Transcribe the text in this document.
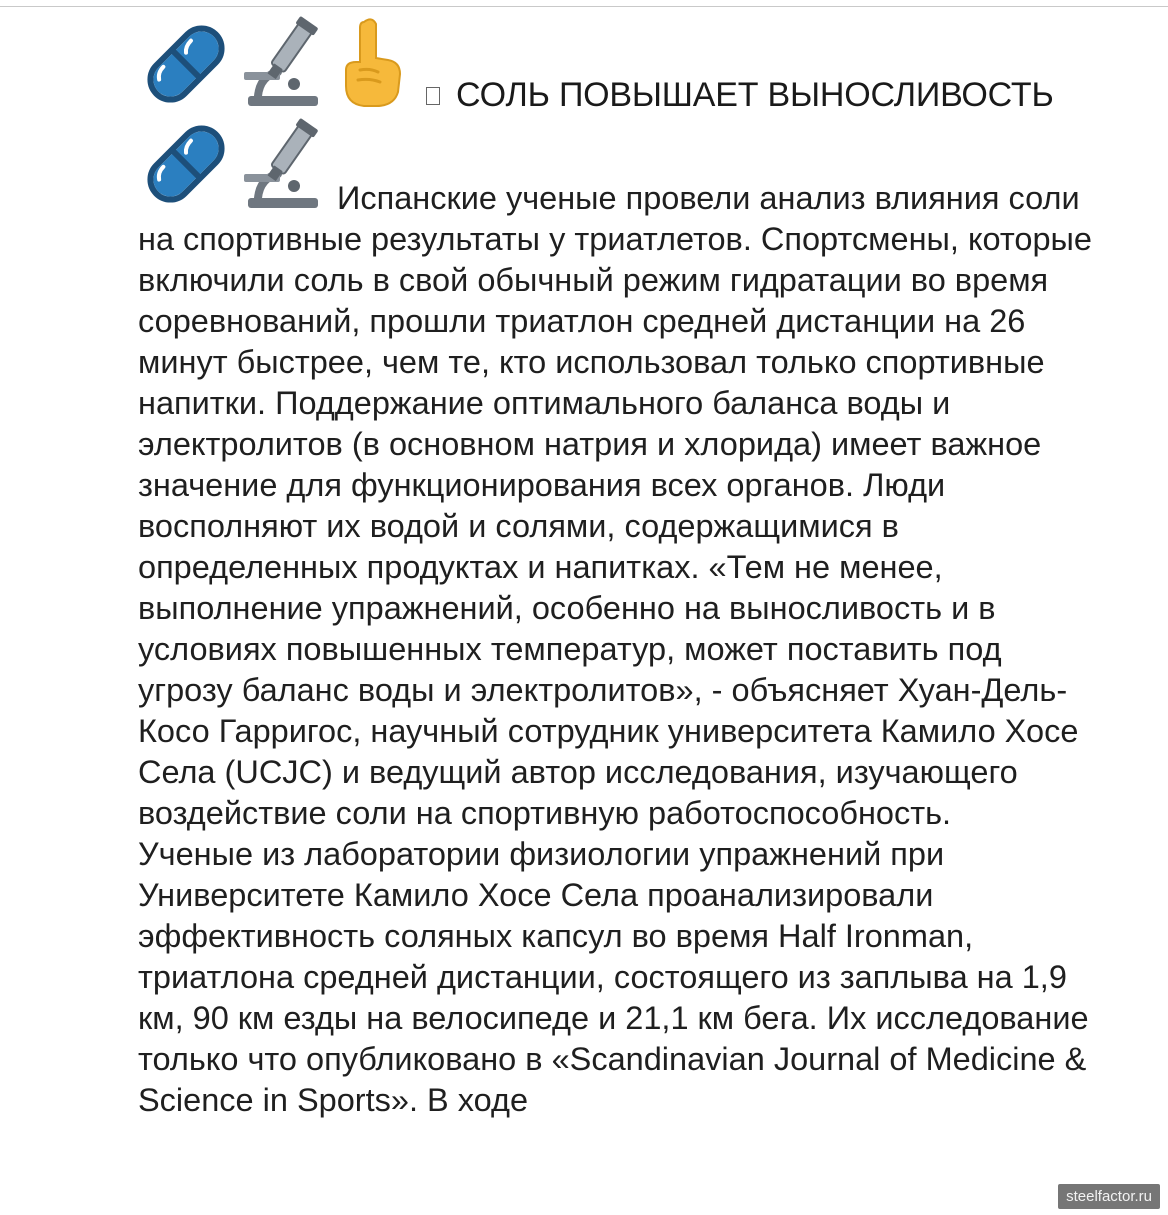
СОЛЬ ПОВЫШАЕТ ВЫНОСЛИВОСТЬ

Испанские ученые провели анализ влияния соли на спортивные результаты у триатлетов. Спортсмены, которые включили соль в свой обычный режим гидратации во время соревнований, прошли триатлон средней дистанции на 26 минут быстрее, чем те, кто использовал только спортивные напитки. Поддержание оптимального баланса воды и электролитов (в основном натрия и хлорида) имеет важное значение для функционирования всех органов. Люди восполняют их водой и солями, содержащимися в определенных продуктах и напитках. «Тем не менее, выполнение упражнений, особенно на выносливость и в условиях повышенных температур, может поставить под угрозу баланс воды и электролитов», - объясняет Хуан-Дель-Косо Гарригос, научный сотрудник университета Камило Хосе Села (UCJC) и ведущий автор исследования, изучающего воздействие соли на спортивную работоспособность.

Ученые из лаборатории физиологии упражнений при Университете Камило Хосе Села проанализировали эффективность соляных капсул во время Half Ironman, триатлона средней дистанции, состоящего из заплыва на 1,9 км, 90 км езды на велосипеде и 21,1 км бега. Их исследование только что опубликовано в «Scandinavian Journal of Medicine & Science in Sports». В ходе

steelfactor.ru
